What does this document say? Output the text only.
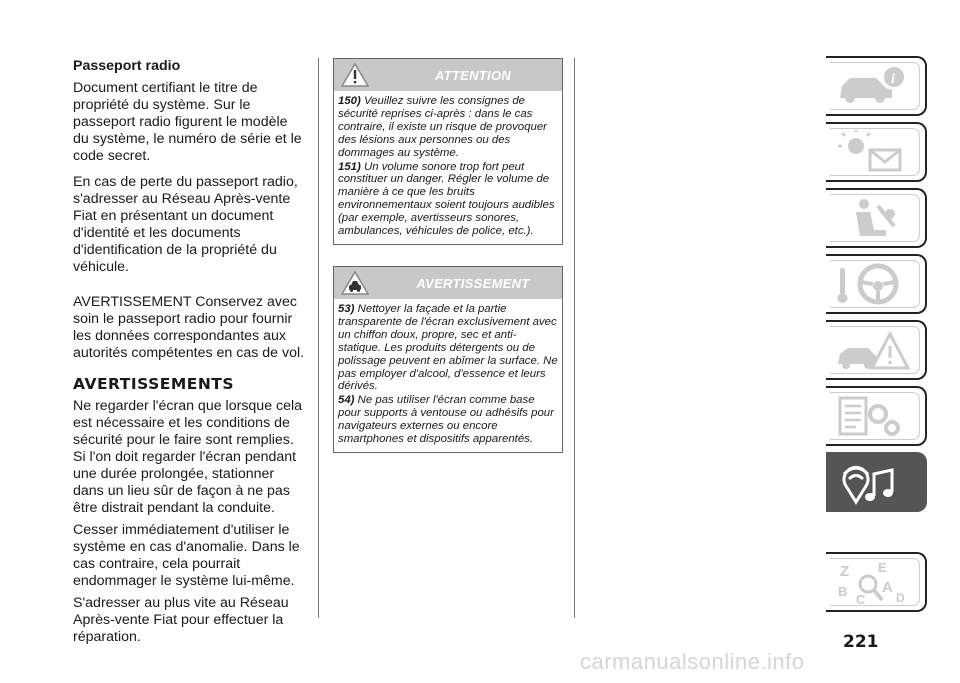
Passeport radio

Document certifiant le titre de propriété du système. Sur le passeport radio figurent le modèle du système, le numéro de série et le code secret.

En cas de perte du passeport radio, s'adresser au Réseau Après-vente Fiat en présentant un document d'identité et les documents d'identification de la propriété du véhicule.

AVERTISSEMENT Conservez avec soin le passeport radio pour fournir les données correspondantes aux autorités compétentes en cas de vol.

AVERTISSEMENTS

Ne regarder l'écran que lorsque cela est nécessaire et les conditions de sécurité pour le faire sont remplies. Si l'on doit regarder l'écran pendant une durée prolongée, stationner dans un lieu sûr de façon à ne pas être distrait pendant la conduite.

Cesser immédiatement d'utiliser le système en cas d'anomalie. Dans le cas contraire, cela pourrait endommager le système lui-même.

S'adresser au plus vite au Réseau Après-vente Fiat pour effectuer la réparation.

ATTENTION

150) Veuillez suivre les consignes de sécurité reprises ci-après : dans le cas contraire, il existe un risque de provoquer des lésions aux personnes ou des dommages au système.

151) Un volume sonore trop fort peut constituer un danger. Régler le volume de manière à ce que les bruits environnementaux soient toujours audibles (par exemple, avertisseurs sonores, ambulances, véhicules de police, etc.).

AVERTISSEMENT

53) Nettoyer la façade et la partie transparente de l'écran exclusivement avec un chiffon doux, propre, sec et anti-statique. Les produits détergents ou de polissage peuvent en abîmer la surface. Ne pas employer d'alcool, d'essence et leurs dérivés.

54) Ne pas utiliser l'écran comme base pour supports à ventouse ou adhésifs pour navigateurs externes ou encore smartphones et dispositifs apparentés.

i
Z E
B
C
A
D
221
carmanualsonline.info
